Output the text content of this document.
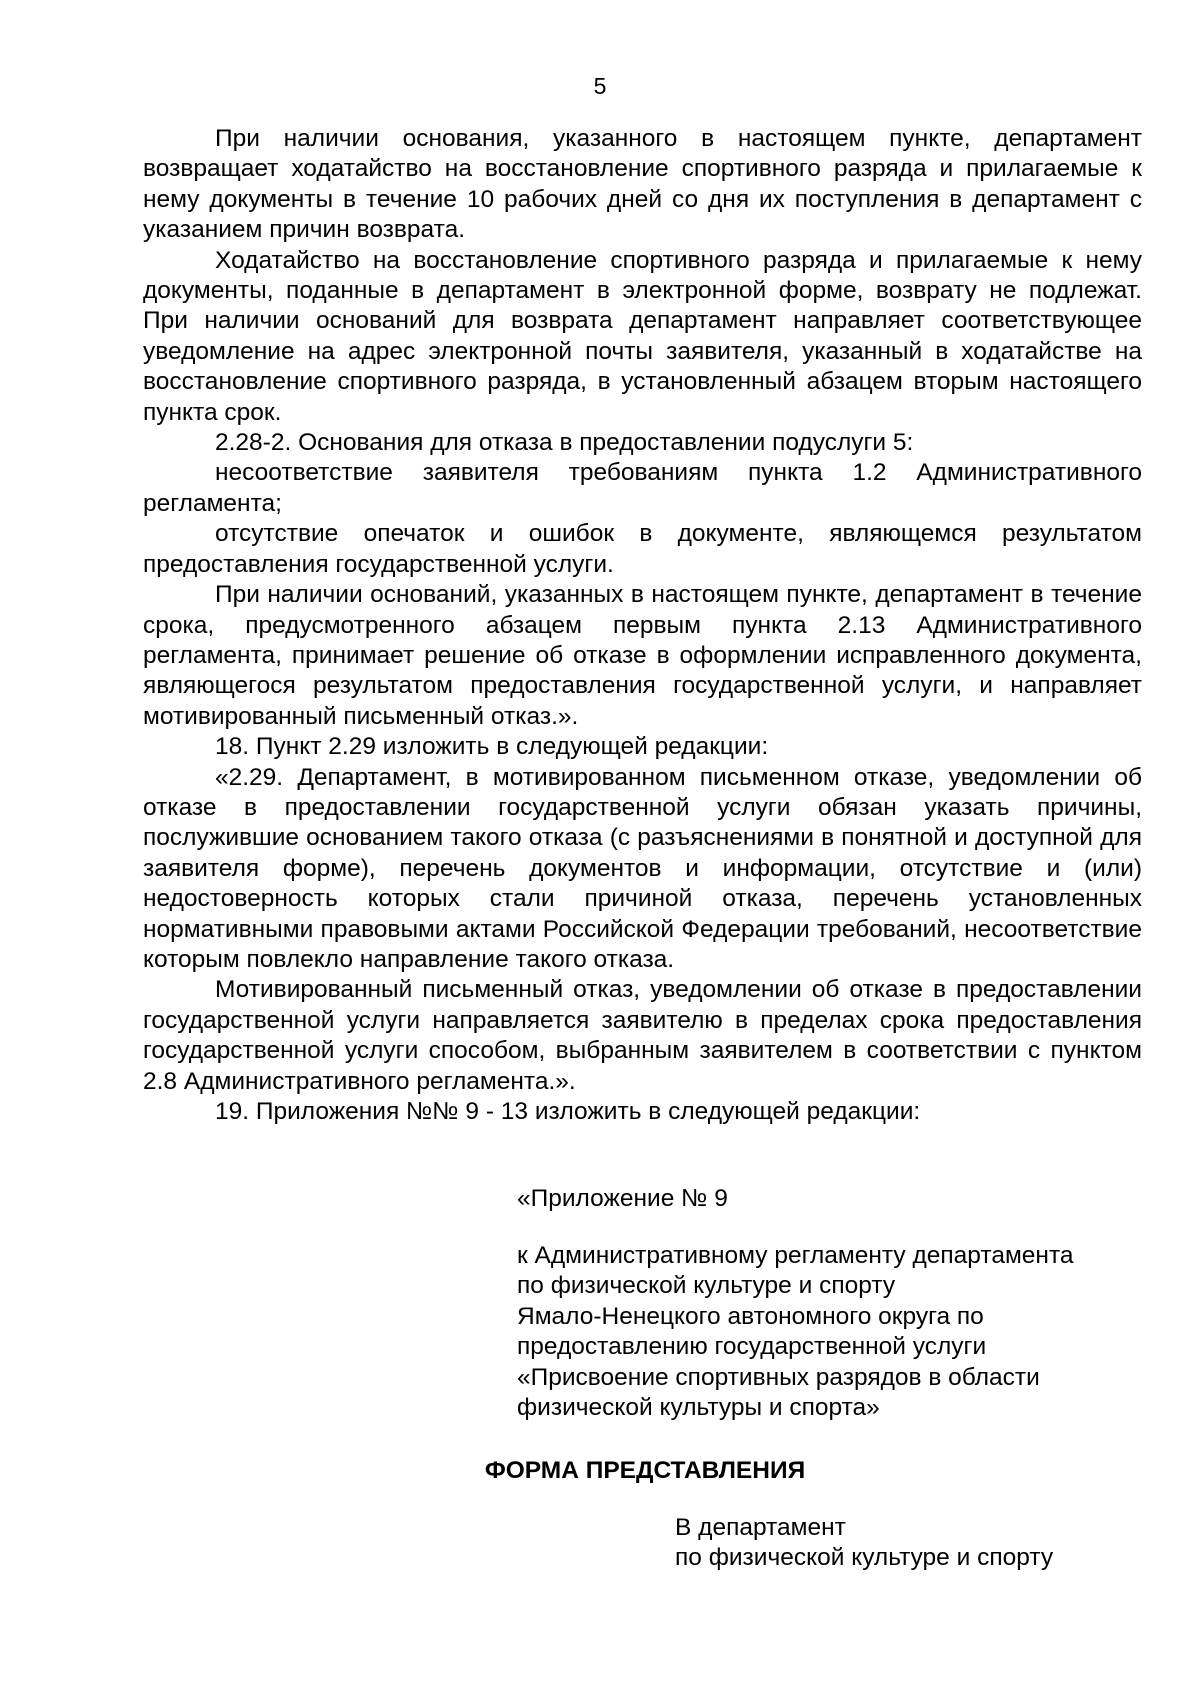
5

При наличии основания, указанного в настоящем пункте, департамент возвращает ходатайство на восстановление спортивного разряда и прилагаемые к нему документы в течение 10 рабочих дней со дня их поступления в департамент с указанием причин возврата.

Ходатайство на восстановление спортивного разряда и прилагаемые к нему документы, поданные в департамент в электронной форме, возврату не подлежат. При наличии оснований для возврата департамент направляет соответствующее уведомление на адрес электронной почты заявителя, указанный в ходатайстве на восстановление спортивного разряда, в установленный абзацем вторым настоящего пункта срок.

2.28-2. Основания для отказа в предоставлении подуслуги 5:

несоответствие заявителя требованиям пункта 1.2 Административного регламента;

отсутствие опечаток и ошибок в документе, являющемся результатом предоставления государственной услуги.

При наличии оснований, указанных в настоящем пункте, департамент в течение срока, предусмотренного абзацем первым пункта 2.13 Административного регламента, принимает решение об отказе в оформлении исправленного документа, являющегося результатом предоставления государственной услуги, и направляет мотивированный письменный отказ.».

18. Пункт 2.29 изложить в следующей редакции:

«2.29. Департамент, в мотивированном письменном отказе, уведомлении об отказе в предоставлении государственной услуги обязан указать причины, послужившие основанием такого отказа (с разъяснениями в понятной и доступной для заявителя форме), перечень документов и информации, отсутствие и (или) недостоверность которых стали причиной отказа, перечень установленных нормативными правовыми актами Российской Федерации требований, несоответствие которым повлекло направление такого отказа.

Мотивированный письменный отказ, уведомлении об отказе в предоставлении государственной услуги направляется заявителю в пределах срока предоставления государственной услуги способом, выбранным заявителем в соответствии с пунктом 2.8 Административного регламента.».

19. Приложения №№ 9 - 13 изложить в следующей редакции:

«Приложение № 9

к Административному регламенту департамента
по физической культуре и спорту
Ямало-Ненецкого автономного округа по
предоставлению государственной услуги
«Присвоение спортивных разрядов в области
физической культуры и спорта»

ФОРМА ПРЕДСТАВЛЕНИЯ

В департамент
по физической культуре и спорту
